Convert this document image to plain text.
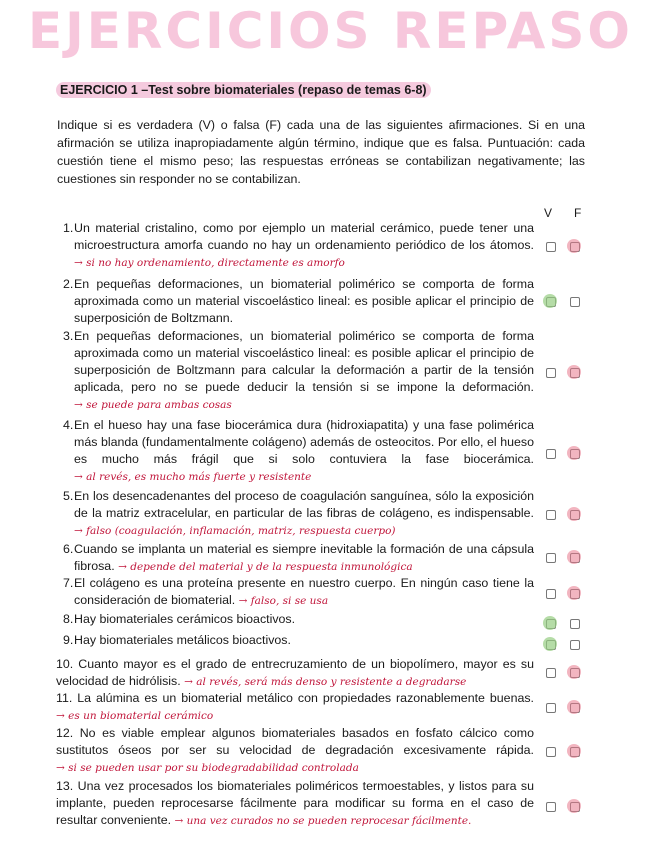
EJERCICIOS REPASO
EJERCICIO 1 –Test sobre biomateriales (repaso de temas 6-8)

Indique si es verdadera (V) o falsa (F) cada una de las siguientes afirmaciones. Si en una afirmación se utiliza inapropiadamente algún término, indique que es falsa. Puntuación: cada cuestión tiene el mismo peso; las respuestas erróneas se contabilizan negativamente; las cuestiones sin responder no se contabilizan.

V F
1. Un material cristalino, como por ejemplo un material cerámico, puede tener una microestructura amorfa cuando no hay un ordenamiento periódico de los átomos. → si no hay ordenamiento, directamente es amorfo
2. En pequeñas deformaciones, un biomaterial polimérico se comporta de forma aproximada como un material viscoelástico lineal: es posible aplicar el principio de superposición de Boltzmann.
3. En pequeñas deformaciones, un biomaterial polimérico se comporta de forma aproximada como un material viscoelástico lineal: es posible aplicar el principio de superposición de Boltzmann para calcular la deformación a partir de la tensión aplicada, pero no se puede deducir la tensión si se impone la deformación. → se puede para ambas cosas
4. En el hueso hay una fase biocerámica dura (hidroxiapatita) y una fase polimérica más blanda (fundamentalmente colágeno) además de osteocitos. Por ello, el hueso es mucho más frágil que si solo contuviera la fase biocerámica. → al revés, es mucho más fuerte y resistente
5. En los desencadenantes del proceso de coagulación sanguínea, sólo la exposición de la matriz extracelular, en particular de las fibras de colágeno, es indispensable. → falso (coagulación, inflamación, matriz, respuesta cuerpo)
6. Cuando se implanta un material es siempre inevitable la formación de una cápsula fibrosa. → depende del material y de la respuesta inmunológica
7. El colágeno es una proteína presente en nuestro cuerpo. En ningún caso tiene la consideración de biomaterial. → falso, si se usa
8. Hay biomateriales cerámicos bioactivos.
9. Hay biomateriales metálicos bioactivos.
10. Cuanto mayor es el grado de entrecruzamiento de un biopolímero, mayor es su velocidad de hidrólisis. → al revés, será más denso y resistente a degradarse
11. La alúmina es un biomaterial metálico con propiedades razonablemente buenas. → es un biomaterial cerámico
12. No es viable emplear algunos biomateriales basados en fosfato cálcico como sustitutos óseos por ser su velocidad de degradación excesivamente rápida. → si se pueden usar por su biodegradabilidad controlada
13. Una vez procesados los biomateriales poliméricos termoestables, y listos para su implante, pueden reprocesarse fácilmente para modificar su forma en el caso de resultar conveniente. → una vez curados no se pueden reprocesar fácilmente.
